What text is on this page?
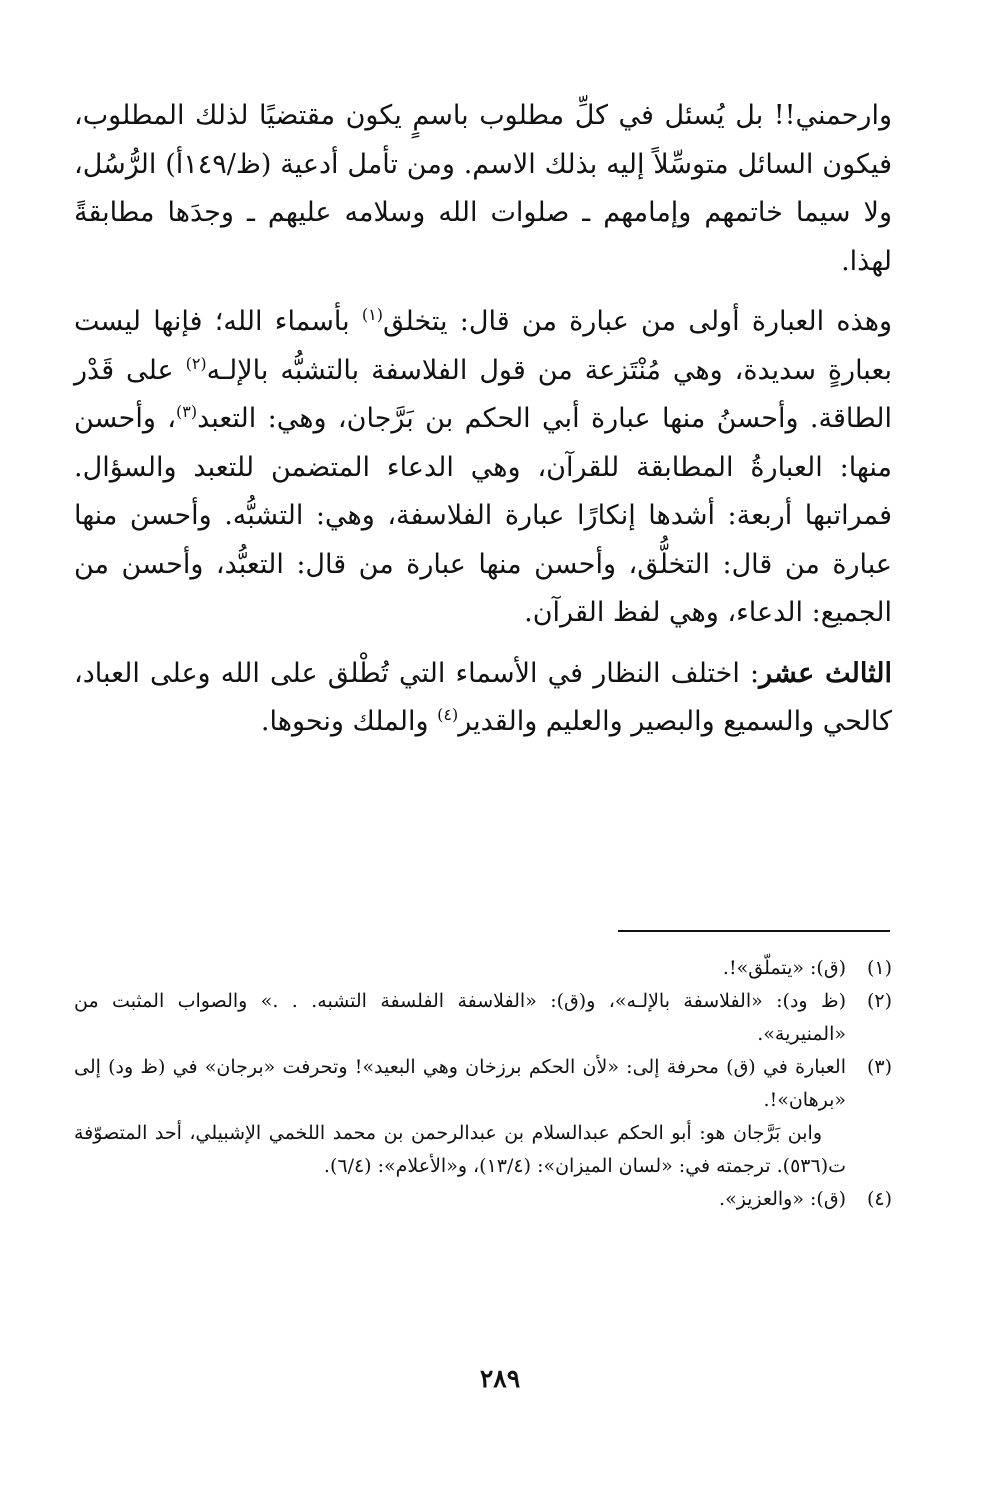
وارحمني!! بل يُسئل في كلِّ مطلوب باسمٍ يكون مقتضيًا لذلك المطلوب، فيكون السائل متوسِّلاً إليه بذلك الاسم. ومن تأمل أدعية (ظ/١٤٩أ) الرُّسُل، ولا سيما خاتمهم وإمامهم ـ صلوات الله وسلامه عليهم ـ وجدَها مطابقةً لهذا.

وهذه العبارة أولى من عبارة من قال: يتخلق$^{(١)}$ بأسماء الله؛ فإنها ليست بعبارةٍ سديدة، وهي مُنْتَزعة من قول الفلاسفة بالتشبُّه بالإلـه$^{(٢)}$ على قَدْر الطاقة. وأحسنُ منها عبارة أبي الحكم بن بَرَّجان، وهي: التعبد$^{(٣)}$، وأحسن منها: العبارةُ المطابقة للقرآن، وهي الدعاء المتضمن للتعبد والسؤال. فمراتبها أربعة: أشدها إنكارًا عبارة الفلاسفة، وهي: التشبُّه. وأحسن منها عبارة من قال: التخلُّق، وأحسن منها عبارة من قال: التعبُّد، وأحسن من الجميع: الدعاء، وهي لفظ القرآن.

الثالث عشر: اختلف النظار في الأسماء التي تُطْلق على الله وعلى العباد، كالحي والسميع والبصير والعليم والقدير$^{(٤)}$ والملك ونحوها.

(١)

(ق): «يتملّق»!.

(٢)

(ظ ود): «الفلاسفة بالإلـه»، و(ق): «الفلاسفة الفلسفة التشبه. . .» والصواب المثبت من «المنيرية».

(٣)

العبارة في (ق) محرفة إلى: «لأن الحكم برزخان وهي البعيد»! وتحرفت «برجان» في (ظ ود) إلى «برهان»!.

وابن بَرَّجان هو: أبو الحكم عبدالسلام بن عبدالرحمن بن محمد اللخمي الإشبيلي، أحد المتصوّفة ت(٥٣٦). ترجمته في: «لسان الميزان»: (١٣/٤)، و«الأعلام»: (٦/٤).

(٤)

(ق): «والعزيز».

٢٨٩
